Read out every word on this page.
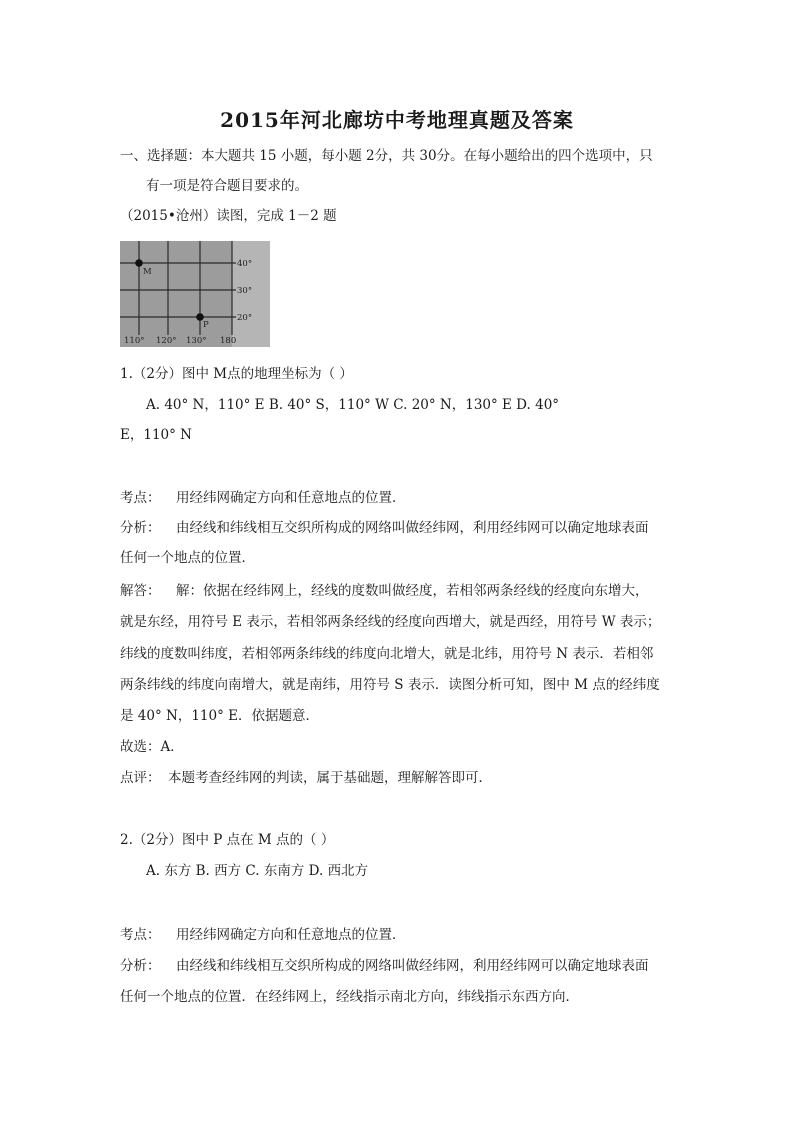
2015年河北廊坊中考地理真题及答案
一、选择题：本大题共 15 小题，每小题 2分，共 30分。在每小题给出的四个选项中，只
有一项是符合题目要求的。
（2015•沧州）读图，完成 1－2 题
M
P
40°
30°
20°
110° 120° 130° 180
1.（2分）图中 M点的地理坐标为（ ）
A. 40° N，110° E B. 40° S，110° W C. 20° N，130° E D. 40°
E，110° N
考点： 用经纬网确定方向和任意地点的位置．
分析： 由经线和纬线相互交织所构成的网络叫做经纬网，利用经纬网可以确定地球表面
任何一个地点的位置．
解答： 解：依据在经纬网上，经线的度数叫做经度，若相邻两条经线的经度向东增大，
就是东经，用符号 E 表示，若相邻两条经线的经度向西增大，就是西经，用符号 W 表示；
纬线的度数叫纬度，若相邻两条纬线的纬度向北增大，就是北纬，用符号 N 表示．若相邻
两条纬线的纬度向南增大，就是南纬，用符号 S 表示．读图分析可知，图中 M 点的经纬度
是 40° N，110° E．依据题意．
故选：A．
点评： 本题考查经纬网的判读，属于基础题，理解解答即可．
2.（2分）图中 P 点在 M 点的（ ）
A. 东方 B. 西方 C. 东南方 D. 西北方
考点： 用经纬网确定方向和任意地点的位置．
分析： 由经线和纬线相互交织所构成的网络叫做经纬网，利用经纬网可以确定地球表面
任何一个地点的位置．在经纬网上，经线指示南北方向，纬线指示东西方向．
